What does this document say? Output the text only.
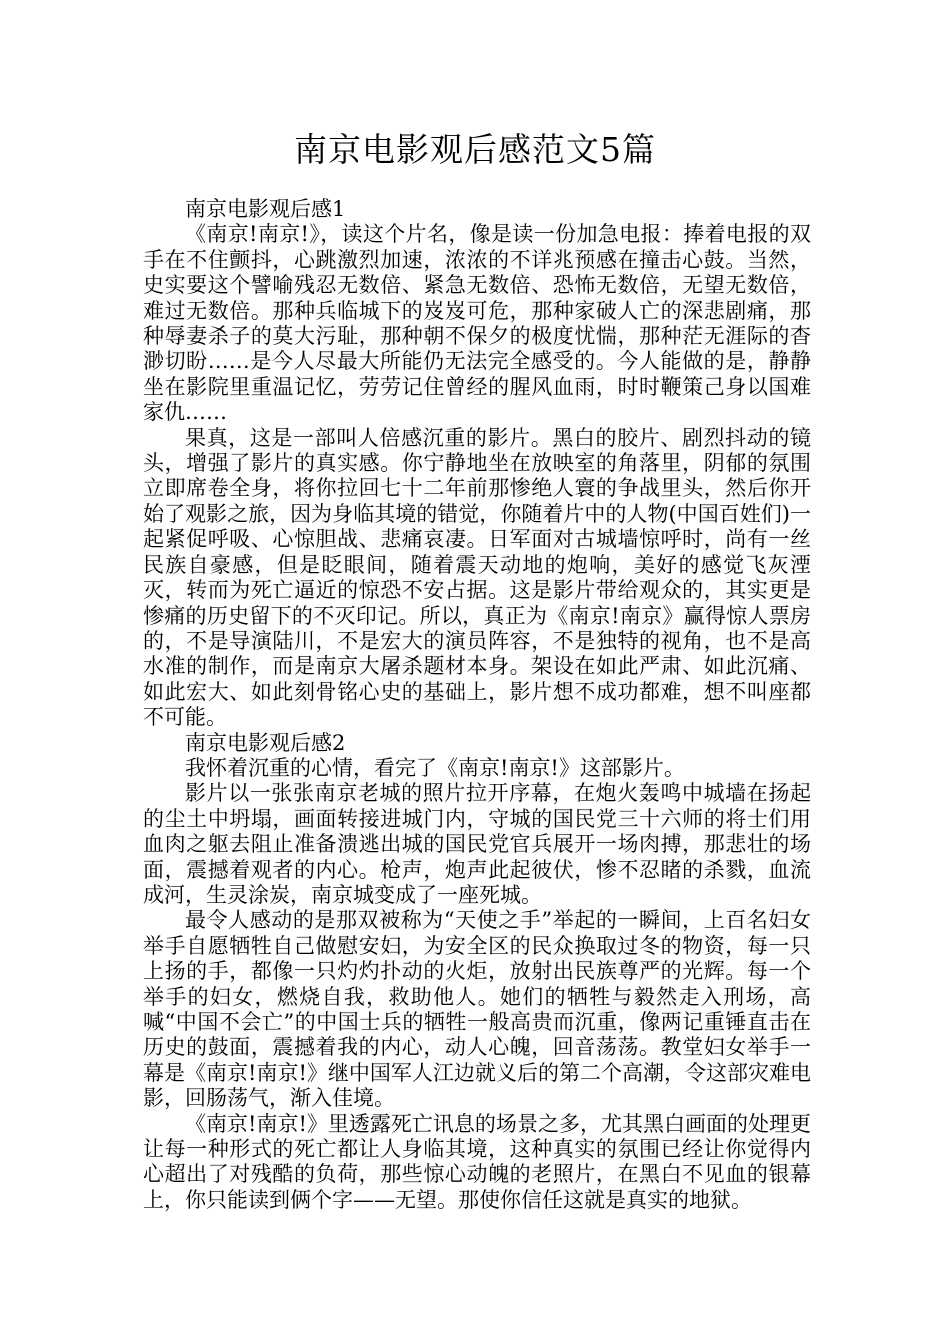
南京电影观后感范文5篇

南京电影观后感1

《南京!南京!》，读这个片名，像是读一份加急电报：捧着电报的双手在不住颤抖，心跳激烈加速，浓浓的不详兆预感在撞击心鼓。当然，史实要这个譬喻残忍无数倍、紧急无数倍、恐怖无数倍，无望无数倍，难过无数倍。那种兵临城下的岌岌可危，那种家破人亡的深悲剧痛，那种辱妻杀子的莫大污耻，那种朝不保夕的极度忧惴，那种茫无涯际的杳渺切盼……是今人尽最大所能仍无法完全感受的。今人能做的是，静静坐在影院里重温记忆，劳劳记住曾经的腥风血雨，时时鞭策己身以国难家仇……

果真，这是一部叫人倍感沉重的影片。黑白的胶片、剧烈抖动的镜头，增强了影片的真实感。你宁静地坐在放映室的角落里，阴郁的氛围立即席卷全身，将你拉回七十二年前那惨绝人寰的争战里头，然后你开始了观影之旅，因为身临其境的错觉，你随着片中的人物(中国百姓们)一起紧促呼吸、心惊胆战、悲痛哀凄。日军面对古城墙惊呼时，尚有一丝民族自豪感，但是眨眼间，随着震天动地的炮响，美好的感觉飞灰湮灭，转而为死亡逼近的惊恐不安占据。这是影片带给观众的，其实更是惨痛的历史留下的不灭印记。所以，真正为《南京!南京》赢得惊人票房的，不是导演陆川，不是宏大的演员阵容，不是独特的视角，也不是高水准的制作，而是南京大屠杀题材本身。架设在如此严肃、如此沉痛、如此宏大、如此刻骨铭心史的基础上，影片想不成功都难，想不叫座都不可能。

南京电影观后感2

我怀着沉重的心情，看完了《南京!南京!》这部影片。

影片以一张张南京老城的照片拉开序幕，在炮火轰鸣中城墙在扬起的尘土中坍塌，画面转接进城门内，守城的国民党三十六师的将士们用血肉之躯去阻止准备溃逃出城的国民党官兵展开一场肉搏，那悲壮的场面，震撼着观者的内心。枪声，炮声此起彼伏，惨不忍睹的杀戮，血流成河，生灵涂炭，南京城变成了一座死城。

最令人感动的是那双被称为“天使之手”举起的一瞬间，上百名妇女举手自愿牺牲自己做慰安妇，为安全区的民众换取过冬的物资，每一只上扬的手，都像一只灼灼扑动的火炬，放射出民族尊严的光辉。每一个举手的妇女，燃烧自我，救助他人。她们的牺牲与毅然走入刑场，高喊“中国不会亡”的中国士兵的牺牲一般高贵而沉重，像两记重锤直击在历史的鼓面，震撼着我的内心，动人心魄，回音荡荡。教堂妇女举手一幕是《南京!南京!》继中国军人江边就义后的第二个高潮，令这部灾难电影，回肠荡气，渐入佳境。

《南京!南京!》里透露死亡讯息的场景之多，尤其黑白画面的处理更让每一种形式的死亡都让人身临其境，这种真实的氛围已经让你觉得内心超出了对残酷的负荷，那些惊心动魄的老照片，在黑白不见血的银幕上，你只能读到俩个字——无望。那使你信任这就是真实的地狱。
